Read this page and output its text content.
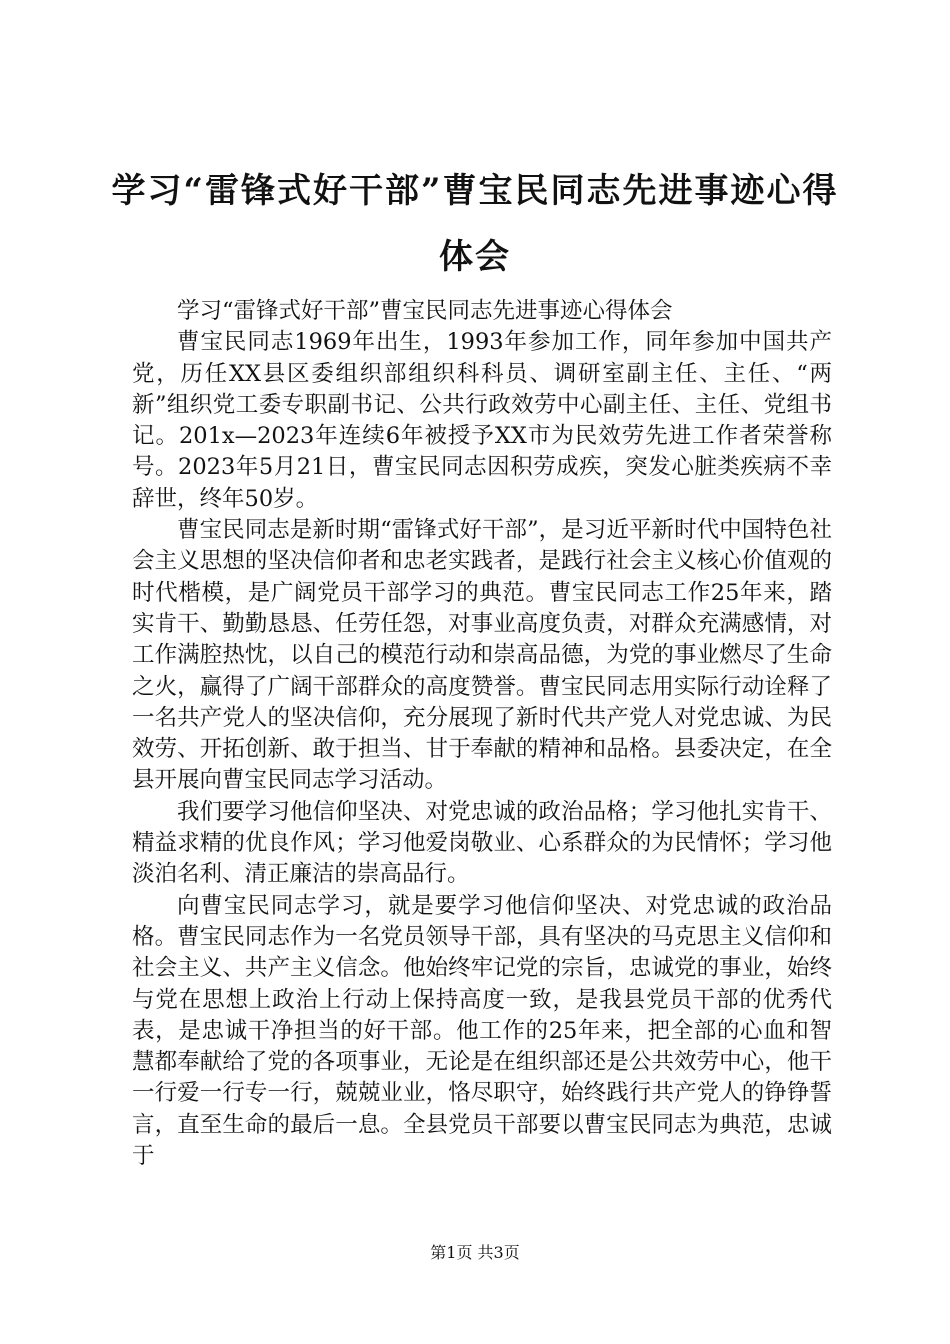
学习“雷锋式好干部”曹宝民同志先进事迹心得体会

学习“雷锋式好干部”曹宝民同志先进事迹心得体会

曹宝民同志1969年出生，1993年参加工作，同年参加中国共产党，历任XX县区委组织部组织科科员、调研室副主任、主任、“两新”组织党工委专职副书记、公共行政效劳中心副主任、主任、党组书记。201x—2023年连续6年被授予XX市为民效劳先进工作者荣誉称号。2023年5月21日，曹宝民同志因积劳成疾，突发心脏类疾病不幸辞世，终年50岁。

曹宝民同志是新时期“雷锋式好干部”，是习近平新时代中国特色社会主义思想的坚决信仰者和忠老实践者，是践行社会主义核心价值观的时代楷模，是广阔党员干部学习的典范。曹宝民同志工作25年来，踏实肯干、勤勤恳恳、任劳任怨，对事业高度负责，对群众充满感情，对工作满腔热忱，以自己的模范行动和崇高品德，为党的事业燃尽了生命之火，赢得了广阔干部群众的高度赞誉。曹宝民同志用实际行动诠释了一名共产党人的坚决信仰，充分展现了新时代共产党人对党忠诚、为民效劳、开拓创新、敢于担当、甘于奉献的精神和品格。县委决定，在全县开展向曹宝民同志学习活动。

我们要学习他信仰坚决、对党忠诚的政治品格；学习他扎实肯干、精益求精的优良作风；学习他爱岗敬业、心系群众的为民情怀；学习他淡泊名利、清正廉洁的崇高品行。

向曹宝民同志学习，就是要学习他信仰坚决、对党忠诚的政治品格。曹宝民同志作为一名党员领导干部，具有坚决的马克思主义信仰和社会主义、共产主义信念。他始终牢记党的宗旨，忠诚党的事业，始终与党在思想上政治上行动上保持高度一致，是我县党员干部的优秀代表，是忠诚干净担当的好干部。他工作的25年来，把全部的心血和智慧都奉献给了党的各项事业，无论是在组织部还是公共效劳中心，他干一行爱一行专一行，兢兢业业，恪尽职守，始终践行共产党人的铮铮誓言，直至生命的最后一息。全县党员干部要以曹宝民同志为典范，忠诚于

第1页 共3页
